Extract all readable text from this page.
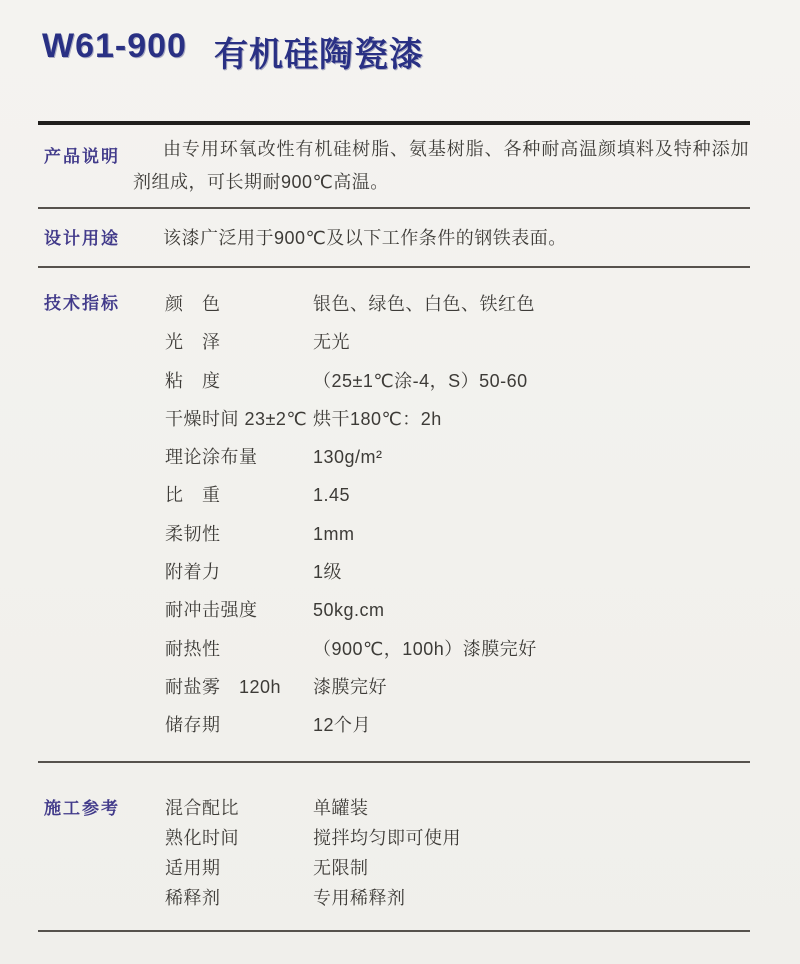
W61-900 有机硅陶瓷漆
产品说明	由专用环氧改性有机硅树脂、氨基树脂、各种耐高温颜填料及特种添加剂组成，可长期耐900℃高温。
设计用途 该漆广泛用于900℃及以下工作条件的钢铁表面。
技术指标	颜　色	银色、绿色、白色、铁红色
光　泽	无光
粘　度	（25±1℃涂-4，S）50-60
干燥时间 23±2℃ 烘干180℃：2h
理论涂布量	130g/m²
比　重	1.45
柔韧性	1mm
附着力	1级
耐冲击强度	50kg.cm
耐热性	（900℃，100h）漆膜完好
耐盐雾　120h	漆膜完好
储存期	12个月
施工参考	混合配比	单罐装
熟化时间	搅拌均匀即可使用
适用期	无限制
稀释剂	专用稀释剂
